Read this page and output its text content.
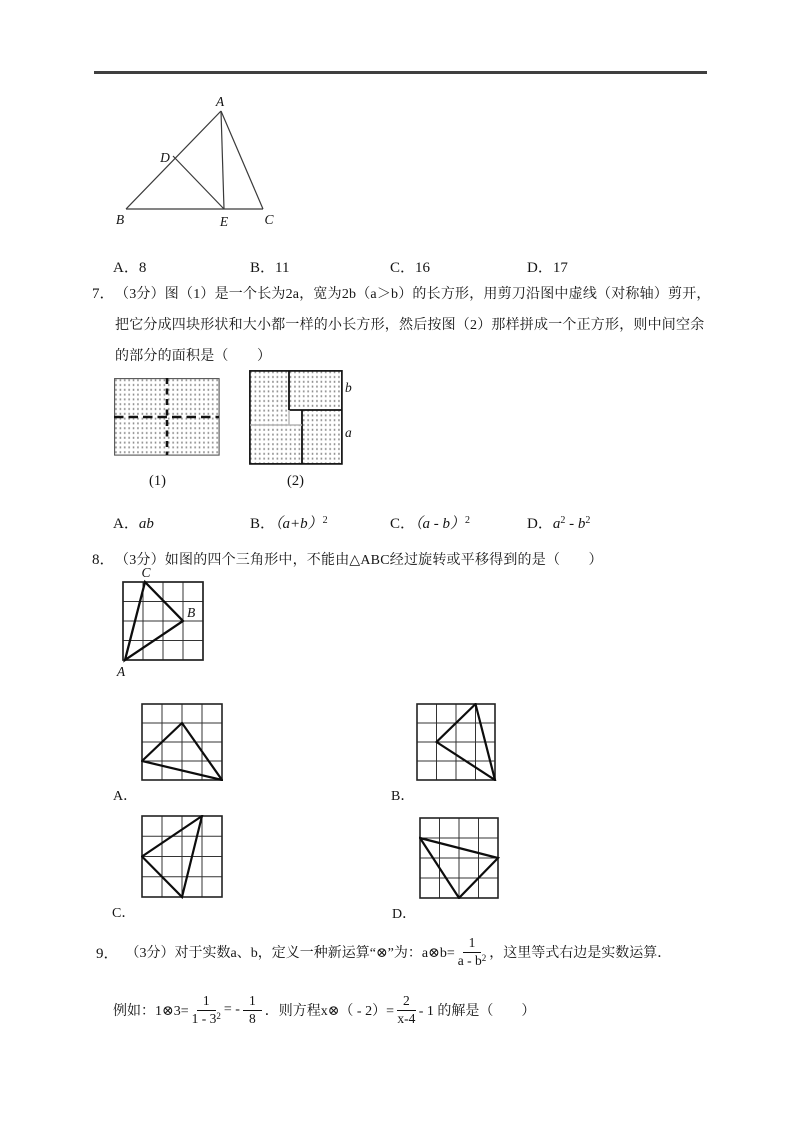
A
B	C
D
E
A．8	B．11	C．16	D．17
7． （3分）图（1）是一个长为2a，宽为2b（a＞b）的长方形，用剪刀沿图中虚线（对称轴）剪开，
把它分成四块形状和大小都一样的小长方形，然后按图（2）那样拼成一个正方形，则中间空余
的部分的面积是（　　）
(1)
b
a
(2)
A．ab	B．$(a+b)^2$	C．（a - b）$^2$	D．$a^2 - b^2$
8． （3分）如图的四个三角形中，不能由△ABC经过旋转或平移得到的是（　　）
C
B
A
A．	B．
C．	D．
9． （3分）对于实数a、b，定义一种新运算“⊗”为：a⊗b= $\frac{1}{a - b^2}$ ，这里等式右边是实数运算．
例如：1⊗3= $\frac{1}{1 - 3^2}$ = - $\frac{1}{8}$ ．则方程x⊗（ - $2)= \frac{2}{x-4} - 1$ 的解是（　　）
